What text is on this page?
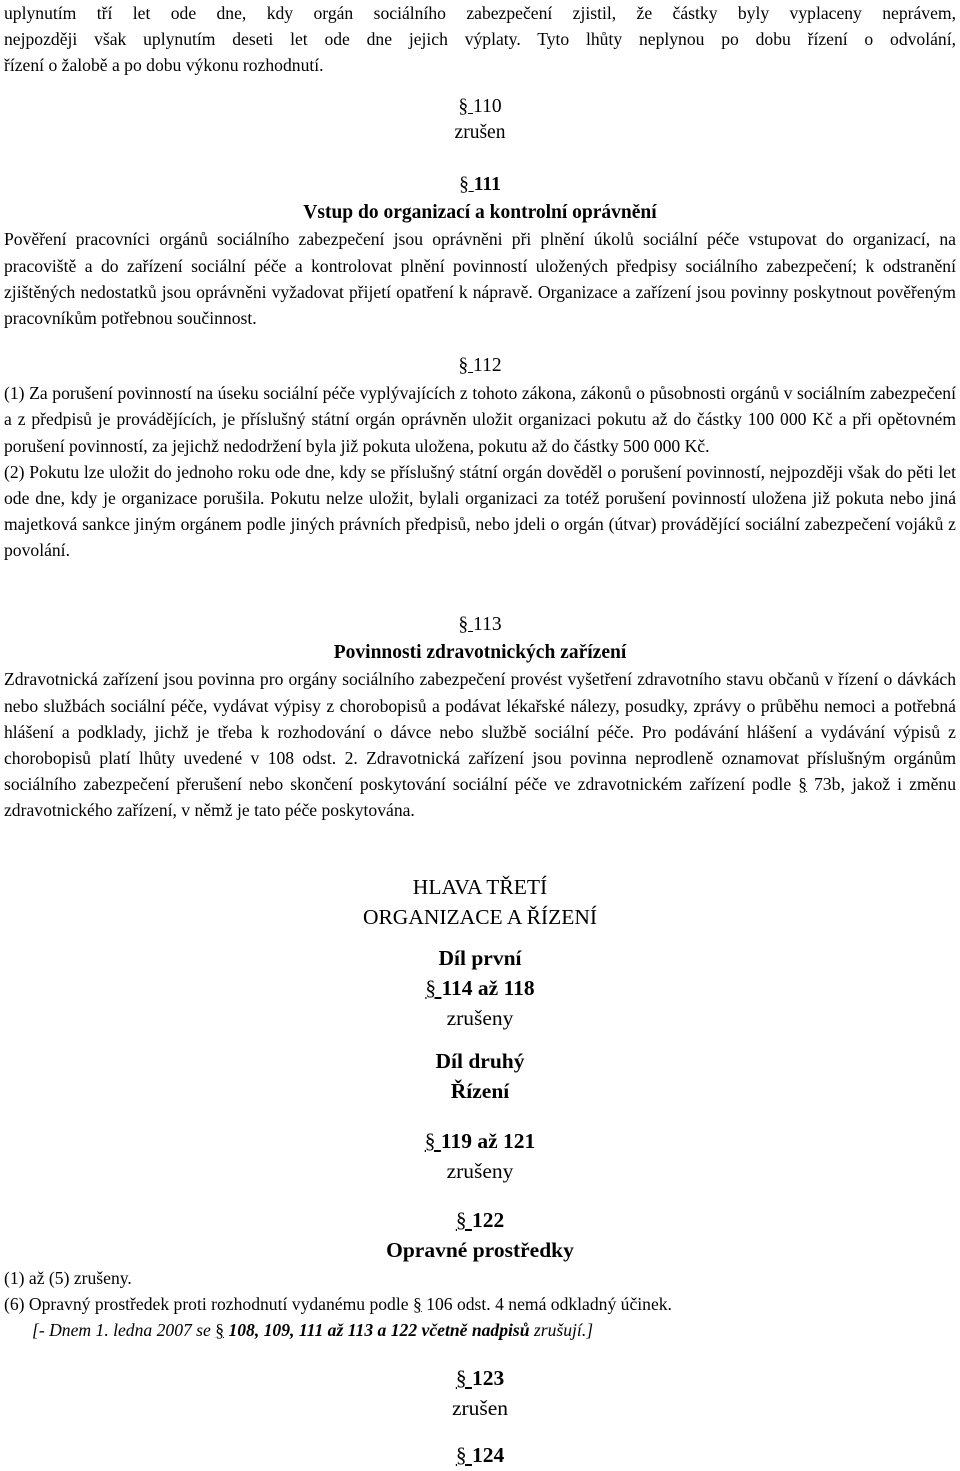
uplynutím tří let ode dne, kdy orgán sociálního zabezpečení zjistil, že částky byly vyplaceny neprávem,

nejpozději však uplynutím deseti let ode dne jejich výplaty. Tyto lhůty neplynou po dobu řízení o odvolání,

řízení o žalobě a po dobu výkonu rozhodnutí.

§ 110

zrušen

§ 111

Vstup do organizací a kontrolní oprávnění

Pověření pracovníci orgánů sociálního zabezpečení jsou oprávněni při plnění úkolů sociální péče vstupovat do organizací, na pracoviště a do zařízení sociální péče a kontrolovat plnění povinností uložených předpisy sociálního zabezpečení; k odstranění zjištěných nedostatků jsou oprávněni vyžadovat přijetí opatření k nápravě. Organizace a zařízení jsou povinny poskytnout pověřeným pracovníkům potřebnou součinnost.

§ 112

(1) Za porušení povinností na úseku sociální péče vyplývajících z tohoto zákona, zákonů o působnosti orgánů v sociálním zabezpečení a z předpisů je provádějících, je příslušný státní orgán oprávněn uložit organizaci pokutu až do částky 100 000 Kč a při opětovném porušení povinností, za jejichž nedodržení byla již pokuta uložena, pokutu až do částky 500 000 Kč.

(2) Pokutu lze uložit do jednoho roku ode dne, kdy se příslušný státní orgán dověděl o porušení povinností, nejpozději však do pěti let ode dne, kdy je organizace porušila. Pokutu nelze uložit, bylali organizaci za totéž porušení povinností uložena již pokuta nebo jiná majetková sankce jiným orgánem podle jiných právních předpisů, nebo jdeli o orgán (útvar) provádějící sociální zabezpečení vojáků z povolání.

§ 113

Povinnosti zdravotnických zařízení

Zdravotnická zařízení jsou povinna pro orgány sociálního zabezpečení provést vyšetření zdravotního stavu občanů v řízení o dávkách nebo službách sociální péče, vydávat výpisy z chorobopisů a podávat lékařské nálezy, posudky, zprávy o průběhu nemoci a potřebná hlášení a podklady, jichž je třeba k rozhodování o dávce nebo službě sociální péče. Pro podávání hlášení a vydávání výpisů z chorobopisů platí lhůty uvedené v 108 odst. 2. Zdravotnická zařízení jsou povinna neprodleně oznamovat příslušným orgánům sociálního zabezpečení přerušení nebo skončení poskytování sociální péče ve zdravotnickém zařízení podle § 73b, jakož i změnu zdravotnického zařízení, v němž je tato péče poskytována.

HLAVA TŘETÍ

ORGANIZACE A ŘÍZENÍ

Díl první

§ 114 až 118

zrušeny

Díl druhý

Řízení

§ 119 až 121

zrušeny

§ 122

Opravné prostředky

(1) až (5) zrušeny.

(6) Opravný prostředek proti rozhodnutí vydanému podle § 106 odst. 4 nemá odkladný účinek.

[- Dnem 1. ledna 2007 se § 108, 109, 111 až 113 a 122 včetně nadpisů zrušují.]

§ 123

zrušen

§ 124
